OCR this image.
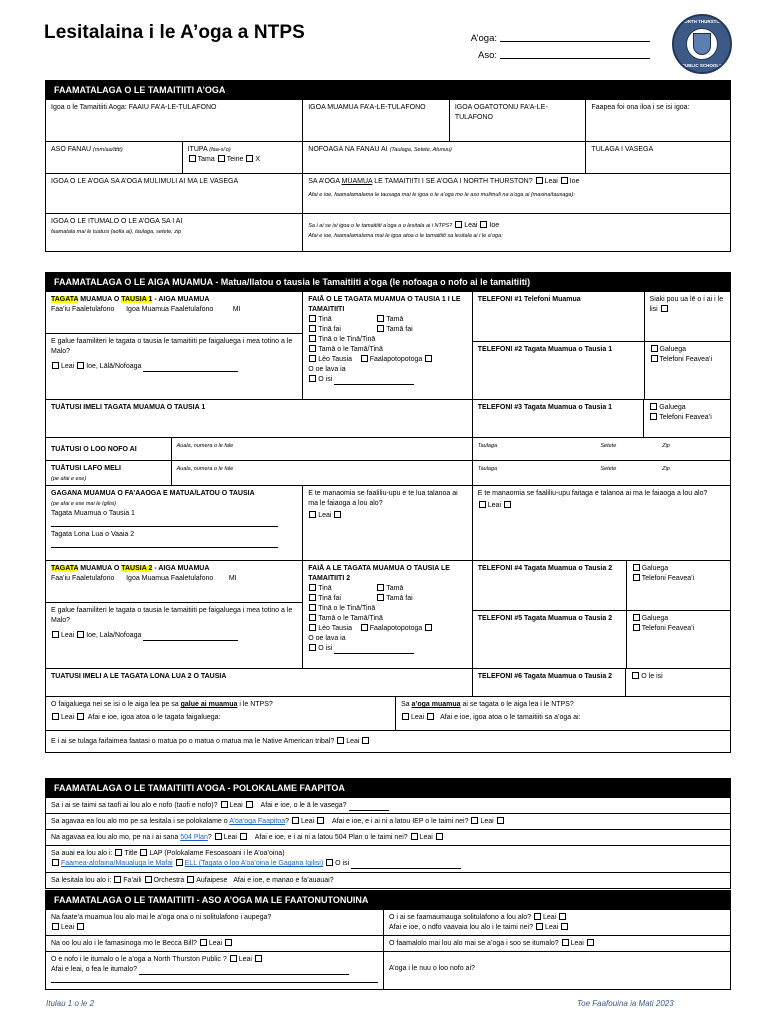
Lesitalaina i le A’oga a NTPS	A’oga:
Aso:
NORTH THURSTON
PUBLIC SCHOOLS
FAAMATALAGA O LE TAMAITIITI A’OGA
Igoa o le Tamaitiiti Aoga: FAAIU FA’A-LE-TULAFONO	IGOA MUAMUA FA’A-LE-TULAFONO	IGOA OGATOTONU FA’A-LE-TULAFONO
Faapea foi ona iloa i se isi igoa:
ASO FANAU (mm/aa/ttttt)	ITUPA (faa-si’o)
Tama Teine X
NOFOAGA NA FANAU AI (Taulaga, Setete, Atunuu)	TULAGA I VASEGA
IGOA O LE A’OGA SA A’OGA MULIMULI AI MA LE VASEGA	SA A’OGA MUAMUA LE TAMAITIITI I SE A’OGA I NORTH THURSTON? Leai Ioe
Afai e ioe, faamalamalama le tausaga mai le igoa o le a’oga mo le aso mulimuli na a’oga ai (masina/tausaga):
IGOA O LE ITUMALO O LE A’OGA SA I AI
faamatala mai le tuatusi (aofia ai), taulaga, setete, zip
Sa i ai se isi igoa o le tamaitiiti a’oga a o lesitala ai i NTPS? Leai Ioe
Afai e ioe, faamalamalama mai le igoa atoa o le tamaitiiti sa lesitala ai i le a’oga:
FAAMATALAGA O LE AIGA MUAMUA - Matua/Ilatou o tausia le Tamaitiiti a’oga (le nofoaga o nofo ai le tamaitiiti)
TAGATA MUAMUA O TAUSIA 1 - AIGA MUAMUA
Faa’iu Faaletulafono Igoa Muamua Faaletulafono	MI
E galue faamiliteri le tagata o tausia le tamaitiiti pe faigaluega i mea totino a le Malo?
Leai Ioe, Lālā/Nofoaga
FAIĀ O LE TAGATA MUAMUA O TAUSIA 1 I LE TAMAITIITI
Tinā	Tamā
Tinā fai	Tamā fai
Tinā o le Tinā/Tinā
Tamā o le Tamā/Tinā
Lèo Tausia	Faalapotopotoga
O oe lava ia
O isi
TELEFONI #1 Telefoni Muamua	Siaki pou ua lē o i ai i le lisi
TELEFONI #2 Tagata Muamua o Tausia 1	Galuega
Telefoni Feavea’i
TUĀTUSI IMELI TAGATA MUAMUA O TAUSIA 1	TELEFONI #3 Tagata Muamua o Tausia 1	Galuega
Telefoni Feavea’i
TUĀTUSI O LOO NOFO AI	Auala, numera o le fale	Taulaga	Setete	Zip
TUĀTUSI LAFO MELI
(pe afai e ese)
Auala, numera o le fale	Taulaga	Setete	Zip
GAGANA MUAMUA O FA’AAOGA E MATUA/LATOU O TAUSIA
(pe afai e ese mai le Igilisi)
Tagata Muamua o Tausia 1
Tagata Lona Lua o Vaaia 2
E te manaomia se faaliliu-upu e te lua talanoa ai ma le faiaoga a lou alo?
Leai
E te manaomia se faaliliu-upu faitaga e talanoa ai ma le faiaoga a lou alo?
Leai
TAGATA MUAMUA O TAUSIA 2 - AIGA MUAMUA
Faa’iu Faaletulafono Igoa Muamua Faaletulafono MI
E galue faamiliteri le tagata o tausia le tamaitiiti pe faigaluega i mea totino a le Malo?
Leai Ioe, Lala/Nofoaga
FAIĀ A LE TAGATA MUAMUA O TAUSIA LE TAMAITIITI 2
Tinā	Tamā
Tinā fai	Tamā fai
Tinā o le Tinā/Tinā
Tamā o le Tamā/Tinā
Lèo Tausia	Faalapotopotoga
O oe lava ia
O isi
TELEFONI #4 Tagata Muamua o Tausia 2	Galuega
Telefoni Feavea’i
TELEFONI #5 Tagata Muamua o Tausia 2	Galuega
Telefoni Feavea’i
TUATUSI IMELI A LE TAGATA LONA LUA 2 O TAUSIA	TELEFONI #6 Tagata Muamua o Tausia 2	O le isi
O faigaluega nei se isi o le aiga lea pe sa galue ai muamua i le NTPS?
Leai Afai e ioe, igoa atoa o le tagata faigaluega:
Sa a’oga muamua ai se tagata o le aiga lea i le NTPS?
Leai Afai e ioe, igoa atoa o le tamaitiiti sa a’oga ai:
E i ai se tulaga faifaimea faatasi o matua po o matua o matua ma le Native American tribal? Leai
FAAMATALAGA O LE TAMAITIITI A’OGA - POLOKALAME FAAPITOA
Sa i ai se taimi sa taofi ai lou alo e nofo (taofi e nofo)? Leai	Afai e ioe, o le ā le vasega?
Sa agavaa ea lou alo mo pe sa lesitala i se polokalame o A’oa’oga Faapitoa? Leai	Afai e ioe, e i ai ni a latou IEP o le taimi nei? Leai
Na agavaa ea lou alo mo, pe na i ai sana 504 Plan? Leai	Afai e ioe, e i ai ni a latou 504 Plan o le taimi nei? Leai
Sa auai ea lou alo i: Title LAP (Polokalame Fesoasoani i le A’oa’oina)
Faamea-alofaina/Maualuga le Mafai ELL (Tagata o loo A’oa’oina le Gagana Igilisi) O isi
Sa lesitala lou alo i: Fa’aili Orchestra Aufaipese Afai e ioe, e manao e fa’auauai?
FAAMATALAGA O LE TAMAITIITI - ASO A’OGA MA LE FAATONUTONUINA
Na faate’a muamua lou alo mai le a’oga ona o ni solitulafono i aupega?
Leai
O i ai se faamaumauga solitulafono a lou alo? Leai
Afai e ioe, o ndfo vaavaia lou alo i le taimi nei? Leai
Na oo lou alo i le famasinoga mo le Becca Bill? Leai	O faamalolo mai lou alo mai se a’oga i soo se itumalo? Leai
O e nofo i le itumalo o le a’oga a North Thurston Public ? Leai
Afai e leai, o fea le itumalo?	A’oga i le nuu o loo nofo ai?
Itulau 1 o le 2	Toe Faafouina ia Mati 2023
